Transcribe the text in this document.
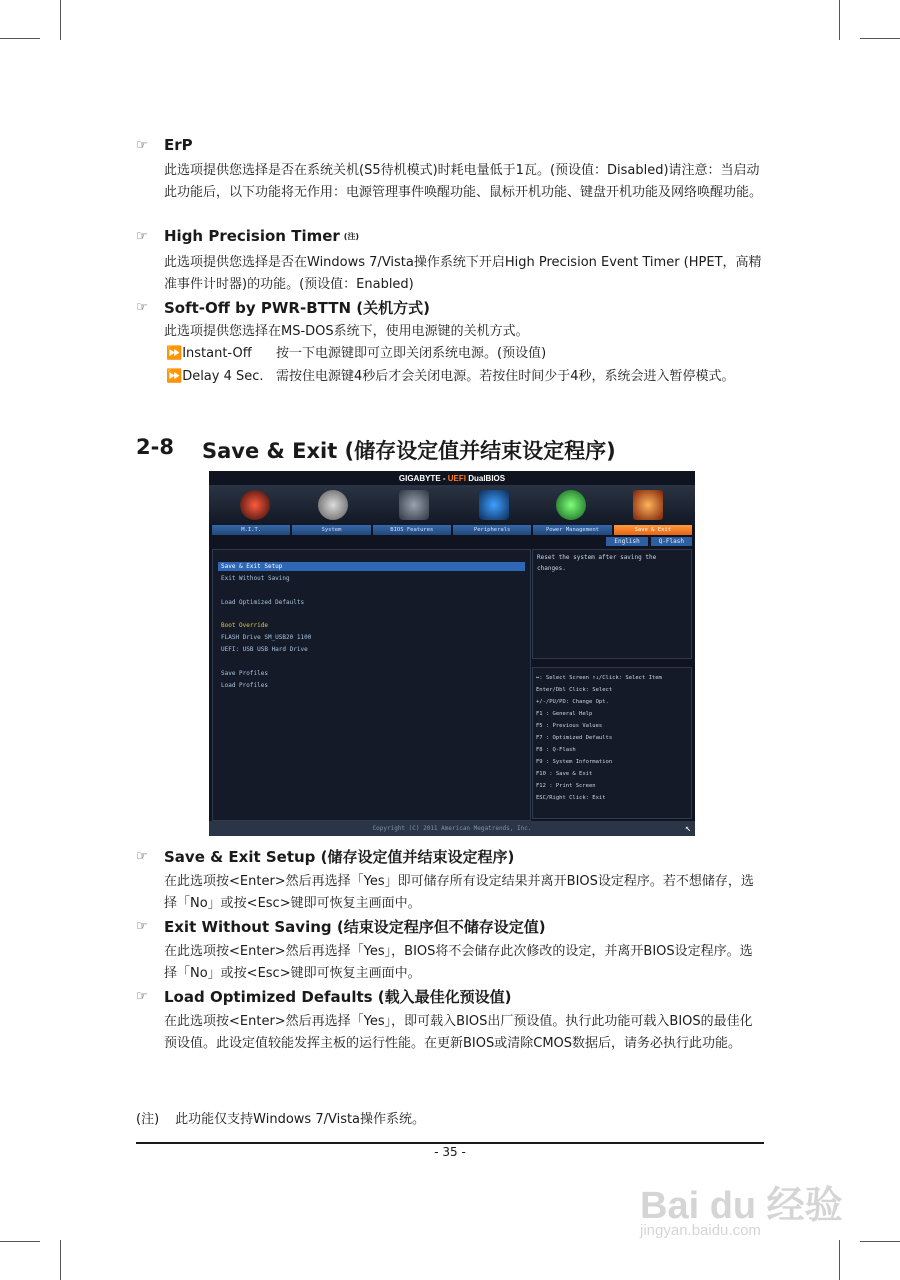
☞	ErP
此选项提供您选择是否在系统关机(S5待机模式)时耗电量低于1瓦。(预设值：Disabled)请注意：当启动此功能后，以下功能将无作用：电源管理事件唤醒功能、鼠标开机功能、键盘开机功能及网络唤醒功能。
☞	High Precision Timer (注)
此选项提供您选择是否在Windows 7/Vista操作系统下开启High Precision Event Timer (HPET，高精准事件计时器)的功能。(预设值：Enabled)
☞	Soft-Off by PWR-BTTN (关机方式)
此选项提供您选择在MS-DOS系统下，使用电源键的关机方式。
⏩Instant-Off	按一下电源键即可立即关闭系统电源。(预设值)
⏩Delay 4 Sec. 需按住电源键4秒后才会关闭电源。若按住时间少于4秒，系统会进入暂停模式。
2-8 Save & Exit (储存设定值并结束设定程序)
GIGABYTE - UEFI DualBIOS
M.I.T.	System	BIOS Features	Peripherals	Power Management	Save & Exit
English	Q-Flash
Save & Exit Setup
Exit Without Saving
Load Optimized Defaults
Boot Override
FLASH Drive SM_USB20 1100
UEFI: USB USB Hard Drive
Save Profiles
Load Profiles
Reset the system after saving the changes.
↔: Select Screen ↑↓/Click: Select Item
Enter/Dbl Click: Select
+/-/PU/PD: Change Opt.
F1 : General Help
F5 : Previous Values
F7 : Optimized Defaults
F8 : Q-Flash
F9 : System Information
F10 : Save & Exit
F12 : Print Screen
ESC/Right Click: Exit
Copyright (C) 2011 American Megatrends, Inc.	↖
☞	Save & Exit Setup (储存设定值并结束设定程序)
在此选项按<Enter>然后再选择「Yes」即可储存所有设定结果并离开BIOS设定程序。若不想储存，选择「No」或按<Esc>键即可恢复主画面中。
☞	Exit Without Saving (结束设定程序但不储存设定值)
在此选项按<Enter>然后再选择「Yes」，BIOS将不会储存此次修改的设定，并离开BIOS设定程序。选择「No」或按<Esc>键即可恢复主画面中。
☞	Load Optimized Defaults (载入最佳化预设值)
在此选项按<Enter>然后再选择「Yes」，即可载入BIOS出厂预设值。执行此功能可载入BIOS的最佳化预设值。此设定值较能发挥主板的运行性能。在更新BIOS或清除CMOS数据后，请务必执行此功能。
(注) 此功能仅支持Windows 7/Vista操作系统。
- 35 -
Bai du 经验
jingyan.baidu.com
